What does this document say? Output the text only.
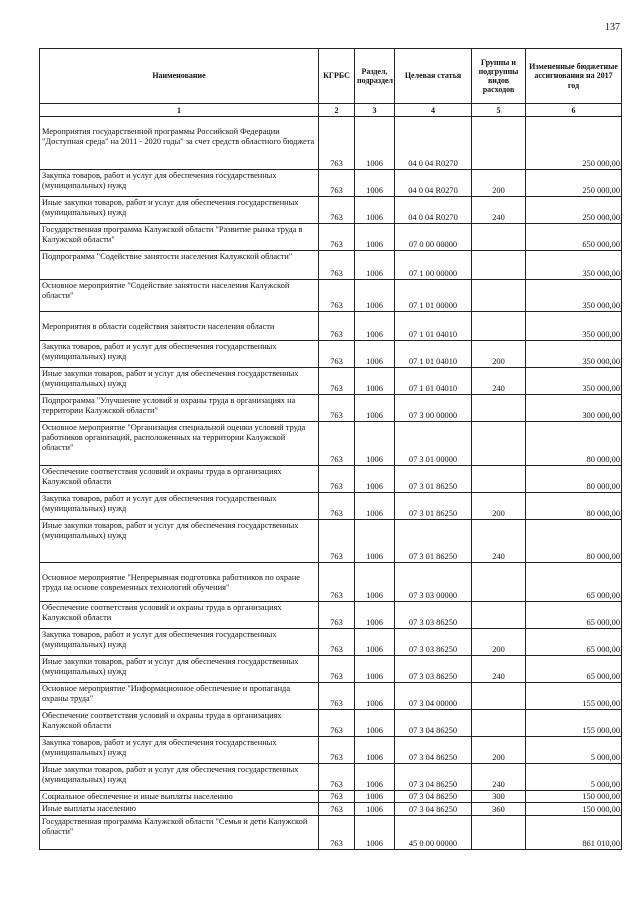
137
Наименование	КГРБС	Раздел, подраздел	Целевая статья	Группы и подгруппы видов расходов	Измененные бюджетные ассигнования на 2017 год
1	2	3	4	5	6
Мероприятия государственной программы Российской Федерации "Доступная среда" на 2011 - 2020 годы" за счет средств областного бюджета	763	1006	04 0 04 R0270		250 000,00
Закупка товаров, работ и услуг для обеспечения государственных (муниципальных) нужд	763	1006	04 0 04 R0270	200	250 000,00
Иные закупки товаров, работ и услуг для обеспечения государственных (муниципальных) нужд	763	1006	04 0 04 R0270	240	250 000,00
Государственная программа Калужской области "Развитие рынка труда в Калужской области"	763	1006	07 0 00 00000		650 000,00
Подпрограмма "Содействие занятости населения Калужской области"	763	1006	07 1 00 00000		350 000,00
Основное мероприятие "Содействие занятости населения Калужской области"	763	1006	07 1 01 00000		350 000,00
Мероприятия в области содействия занятости населения области	763	1006	07 1 01 04010		350 000,00
Закупка товаров, работ и услуг для обеспечения государственных (муниципальных) нужд	763	1006	07 1 01 04010	200	350 000,00
Иные закупки товаров, работ и услуг для обеспечения государственных (муниципальных) нужд	763	1006	07 1 01 04010	240	350 000,00
Подпрограмма "Улучшение условий и охраны труда в организациях на территории Калужской области"	763	1006	07 3 00 00000		300 000,00
Основное мероприятие "Организация специальной оценки условий труда работников организаций, расположенных на территории Калужской области"	763	1006	07 3 01 00000		80 000,00
Обеспечение соответствия условий и охраны труда в организациях Калужской области	763	1006	07 3 01 86250		80 000,00
Закупка товаров, работ и услуг для обеспечения государственных (муниципальных) нужд	763	1006	07 3 01 86250	200	80 000,00
Иные закупки товаров, работ и услуг для обеспечения государственных (муниципальных) нужд	763	1006	07 3 01 86250	240	80 000,00
Основное мероприятие "Непрерывная подготовка работников по охране труда на основе современных технологий обучения"	763	1006	07 3 03 00000		65 000,00
Обеспечение соответствия условий и охраны труда в организациях Калужской области	763	1006	07 3 03 86250		65 000,00
Закупка товаров, работ и услуг для обеспечения государственных (муниципальных) нужд	763	1006	07 3 03 86250	200	65 000,00
Иные закупки товаров, работ и услуг для обеспечения государственных (муниципальных) нужд	763	1006	07 3 03 86250	240	65 000,00
Основное мероприятие "Информационное обеспечение и пропаганда охраны труда"	763	1006	07 3 04 00000		155 000,00
Обеспечение соответствия условий и охраны труда в организациях Калужской области	763	1006	07 3 04 86250		155 000,00
Закупка товаров, работ и услуг для обеспечения государственных (муниципальных) нужд	763	1006	07 3 04 86250	200	5 000,00
Иные закупки товаров, работ и услуг для обеспечения государственных (муниципальных) нужд	763	1006	07 3 04 86250	240	5 000,00
Социальное обеспечение и иные выплаты населению	763	1006	07 3 04 86250	300	150 000,00
Иные выплаты населению	763	1006	07 3 04 86250	360	150 000,00
Государственная программа Калужской области "Семья и дети Калужской области"	763	1006	45 0 00 00000		861 010,00
